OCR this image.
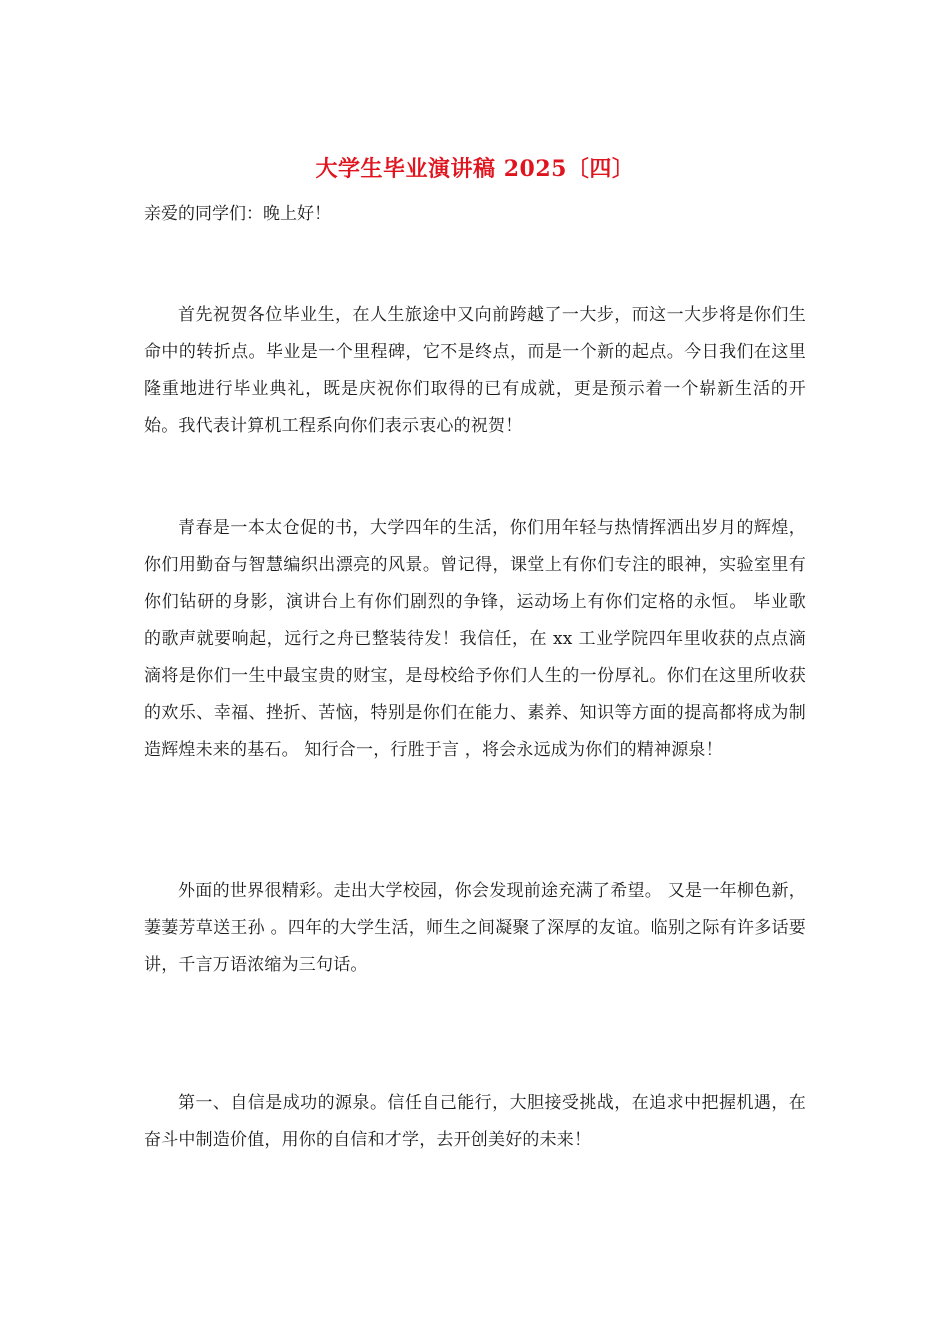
大学生毕业演讲稿 2025〔四〕

亲爱的同学们：晚上好！

首先祝贺各位毕业生，在人生旅途中又向前跨越了一大步，而这一大步将是你们生命中的转折点。毕业是一个里程碑，它不是终点，而是一个新的起点。今日我们在这里隆重地进行毕业典礼，既是庆祝你们取得的已有成就，更是预示着一个崭新生活的开始。我代表计算机工程系向你们表示衷心的祝贺！

青春是一本太仓促的书，大学四年的生活，你们用年轻与热情挥洒出岁月的辉煌，你们用勤奋与智慧编织出漂亮的风景。曾记得，课堂上有你们专注的眼神，实验室里有你们钻研的身影，演讲台上有你们剧烈的争锋，运动场上有你们定格的永恒。 毕业歌 的歌声就要响起，远行之舟已整装待发！我信任，在 xx 工业学院四年里收获的点点滴滴将是你们一生中最宝贵的财宝，是母校给予你们人生的一份厚礼。你们在这里所收获的欢乐、幸福、挫折、苦恼，特别是你们在能力、素养、知识等方面的提高都将成为制造辉煌未来的基石。 知行合一，行胜于言 ，将会永远成为你们的精神源泉！

外面的世界很精彩。走出大学校园，你会发现前途充满了希望。 又是一年柳色新，萋萋芳草送王孙 。四年的大学生活，师生之间凝聚了深厚的友谊。临别之际有许多话要讲，千言万语浓缩为三句话。

第一、自信是成功的源泉。信任自己能行，大胆接受挑战，在追求中把握机遇，在奋斗中制造价值，用你的自信和才学，去开创美好的未来！
